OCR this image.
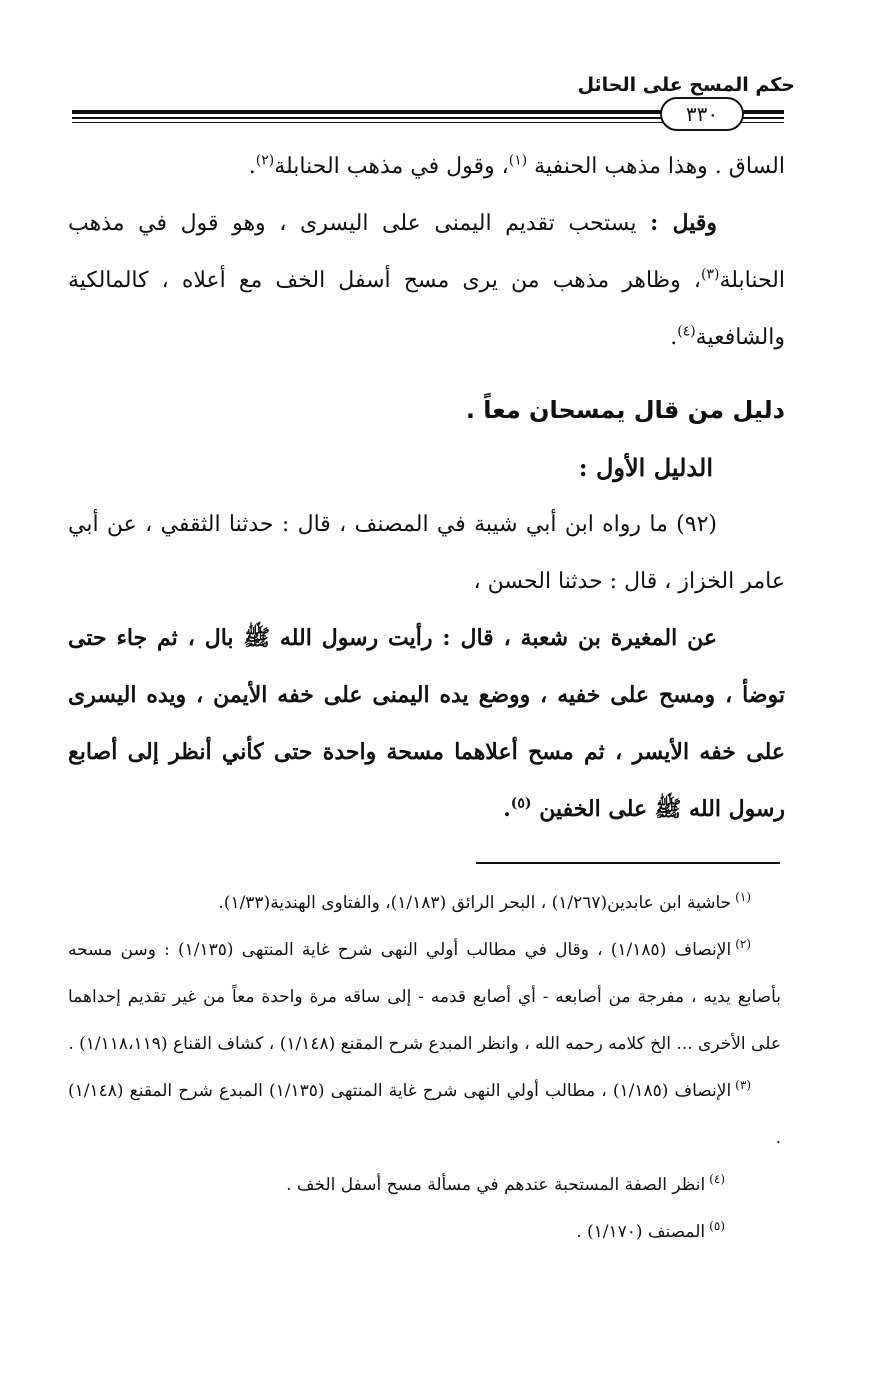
حكم المسح على الحائل
٣٣٠

الساق . وهذا مذهب الحنفية $^{(١)}$، وقول في مذهب الحنابلة$^{(٢)}$.

وقيل : يستحب تقديم اليمنى على اليسرى ، وهو قول في مذهب الحنابلة$^{(٣)}$، وظاهر مذهب من يرى مسح أسفل الخف مع أعلاه ، كالمالكية والشافعية$^{(٤)}$.

دليل من قال يمسحان معاً .

الدليل الأول :

(٩٢) ما رواه ابن أبي شيبة في المصنف ، قال : حدثنا الثقفي ، عن أبي عامر الخزاز ، قال : حدثنا الحسن ،

عن المغيرة بن شعبة ، قال : رأيت رسول الله ﷺ بال ، ثم جاء حتى توضأ ، ومسح على خفيه ، ووضع يده اليمنى على خفه الأيمن ، ويده اليسرى على خفه الأيسر ، ثم مسح أعلاهما مسحة واحدة حتى كأني أنظر إلى أصابع رسول الله ﷺ على الخفين $^{(٥)}$.

$^{(١)}$حاشية ابن عابدين(١/٢٦٧) ، البحر الرائق (١/١٨٣)، والفتاوى الهندية(١/٣٣).

$^{(٢)}$الإنصاف (١/١٨٥) ، وقال في مطالب أولي النهى شرح غاية المنتهى (١/١٣٥) : وسن مسحه بأصابع يديه ، مفرجة من أصابعه - أي أصابع قدمه - إلى ساقه مرة واحدة معاً من غير تقديم إحداهما على الأخرى ... الخ كلامه رحمه الله ، وانظر المبدع شرح المقنع (١/١٤٨) ، كشاف القناع (١/١١٨،١١٩) .

$^{(٣)}$الإنصاف (١/١٨٥) ، مطالب أولي النهى شرح غاية المنتهى (١/١٣٥) المبدع شرح المقنع (١/١٤٨) .

$^{(٤)}$انظر الصفة المستحبة عندهم في مسألة مسح أسفل الخف .

$^{(٥)}$المصنف (١/١٧٠) .
